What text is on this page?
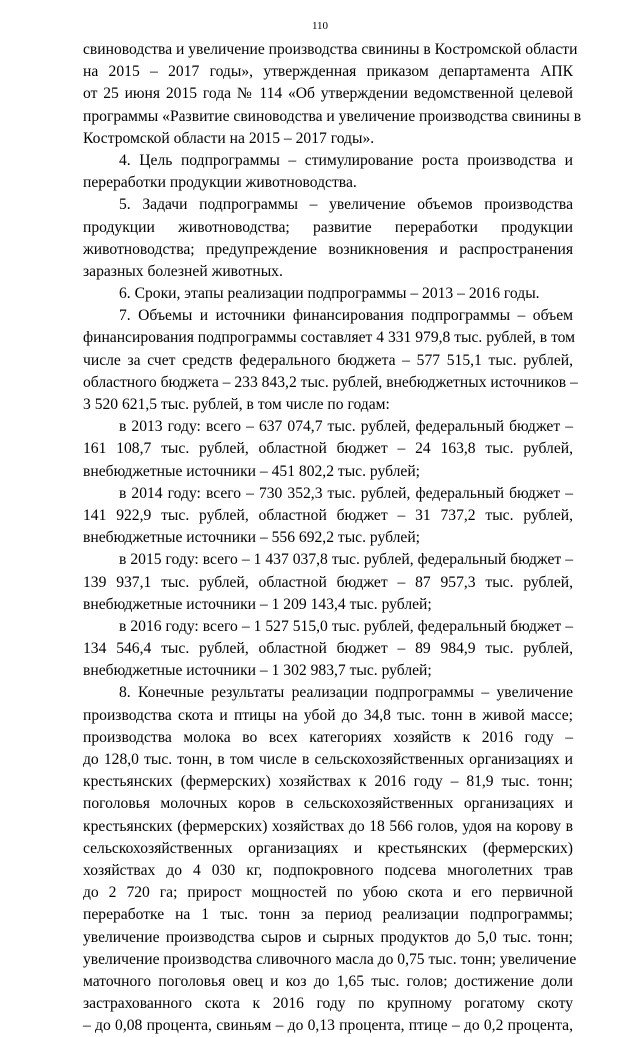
110
свиноводства и увеличение производства свинины в Костромской области
на 2015 – 2017 годы», утвержденная приказом департамента АПК
от 25 июня 2015 года № 114 «Об утверждении ведомственной целевой
программы «Развитие свиноводства и увеличение производства свинины в
Костромской области на 2015 – 2017 годы».
4. Цель подпрограммы – стимулирование роста производства и
переработки продукции животноводства.
5. Задачи подпрограммы – увеличение объемов производства
продукции животноводства; развитие переработки продукции
животноводства; предупреждение возникновения и распространения
заразных болезней животных.
6. Сроки, этапы реализации подпрограммы – 2013 – 2016 годы.
7. Объемы и источники финансирования подпрограммы – объем
финансирования подпрограммы составляет 4 331 979,8 тыс. рублей, в том
числе за счет средств федерального бюджета – 577 515,1 тыс. рублей,
областного бюджета – 233 843,2 тыс. рублей, внебюджетных источников –
3 520 621,5 тыс. рублей, в том числе по годам:
в 2013 году: всего – 637 074,7 тыс. рублей, федеральный бюджет –
161 108,7 тыс. рублей, областной бюджет – 24 163,8 тыс. рублей,
внебюджетные источники – 451 802,2 тыс. рублей;
в 2014 году: всего – 730 352,3 тыс. рублей, федеральный бюджет –
141 922,9 тыс. рублей, областной бюджет – 31 737,2 тыс. рублей,
внебюджетные источники – 556 692,2 тыс. рублей;
в 2015 году: всего – 1 437 037,8 тыс. рублей, федеральный бюджет –
139 937,1 тыс. рублей, областной бюджет – 87 957,3 тыс. рублей,
внебюджетные источники – 1 209 143,4 тыс. рублей;
в 2016 году: всего – 1 527 515,0 тыс. рублей, федеральный бюджет –
134 546,4 тыс. рублей, областной бюджет – 89 984,9 тыс. рублей,
внебюджетные источники – 1 302 983,7 тыс. рублей;
8. Конечные результаты реализации подпрограммы – увеличение
производства скота и птицы на убой до 34,8 тыс. тонн в живой массе;
производства молока во всех категориях хозяйств к 2016 году –
до 128,0 тыс. тонн, в том числе в сельскохозяйственных организациях и
крестьянских (фермерских) хозяйствах к 2016 году – 81,9 тыс. тонн;
поголовья молочных коров в сельскохозяйственных организациях и
крестьянских (фермерских) хозяйствах до 18 566 голов, удоя на корову в
сельскохозяйственных организациях и крестьянских (фермерских)
хозяйствах до 4 030 кг, подпокровного подсева многолетних трав
до 2 720 га; прирост мощностей по убою скота и его первичной
переработке на 1 тыс. тонн за период реализации подпрограммы;
увеличение производства сыров и сырных продуктов до 5,0 тыс. тонн;
увеличение производства сливочного масла до 0,75 тыс. тонн; увеличение
маточного поголовья овец и коз до 1,65 тыс. голов; достижение доли
застрахованного скота к 2016 году по крупному рогатому скоту
– до 0,08 процента, свиньям – до 0,13 процента, птице – до 0,2 процента,
